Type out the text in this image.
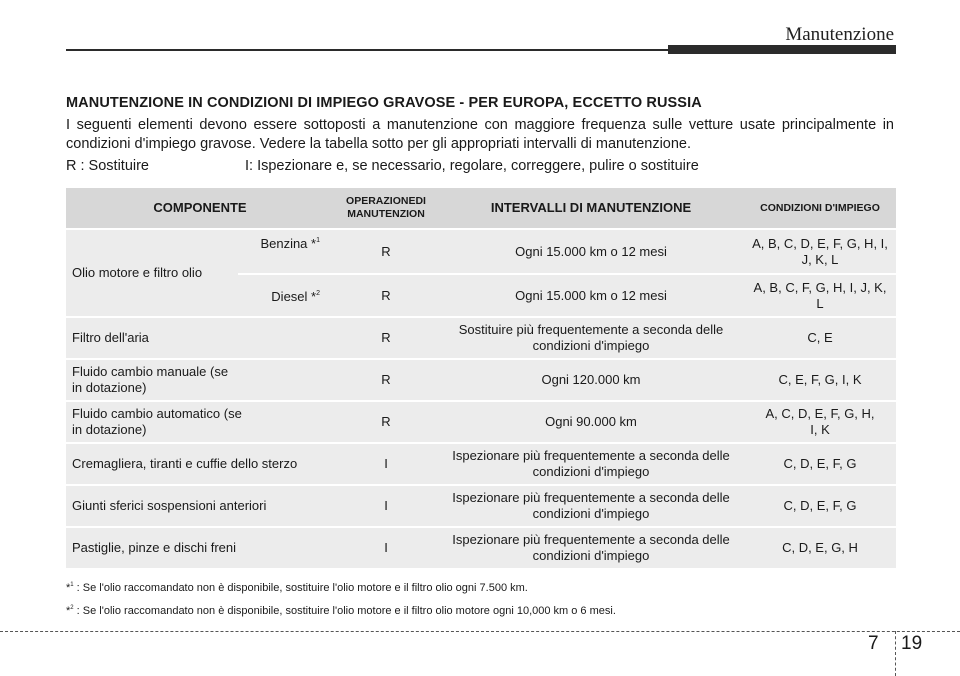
Manutenzione
MANUTENZIONE IN CONDIZIONI DI IMPIEGO GRAVOSE - PER EUROPA, ECCETTO RUSSIA
I seguenti elementi devono essere sottoposti a manutenzione con maggiore frequenza sulle vetture usate principalmente in condizioni d'impiego gravose. Vedere la tabella sotto per gli appropriati intervalli di manutenzione.
R : Sostituire	I: Ispezionare e, se necessario, regolare, correggere, pulire o sostituire
COMPONENTE		OPERAZIONEDI MANUTENZION	INTERVALLI DI MANUTENZIONE	CONDIZIONI D'IMPIEGO
Olio motore e filtro olio	Benzina *$^1$	R	Ogni 15.000 km o 12 mesi	A, B, C, D, E, F, G, H, I, J, K, L
	Diesel *$^2$	R	Ogni 15.000 km o 12 mesi	A, B, C, F, G, H, I, J, K, L
Filtro dell'aria		R	Sostituire più frequentemente a seconda delle condizioni d'impiego	C, E

Fluido cambio manuale (se in dotazione)		R	Ogni 120.000 km	C, E, F, G, I, K

Fluido cambio automatico (se in dotazione)		R	Ogni 90.000 km	A, C, D, E, F, G, H, I, K

Cremagliera, tiranti e cuffie dello sterzo		I	Ispezionare più frequentemente a seconda delle condizioni d'impiego	C, D, E, F, G
Giunti sferici sospensioni anteriori		I	Ispezionare più frequentemente a seconda delle condizioni d'impiego	C, D, E, F, G
Pastiglie, pinze e dischi freni		I	Ispezionare più frequentemente a seconda delle condizioni d'impiego	C, D, E, G, H
*$^1$ : Se l'olio raccomandato non è disponibile, sostituire l'olio motore e il filtro olio ogni 7.500 km.
*$^2$ : Se l'olio raccomandato non è disponibile, sostituire l'olio motore e il filtro olio motore ogni 10,000 km o 6 mesi.
7 19
